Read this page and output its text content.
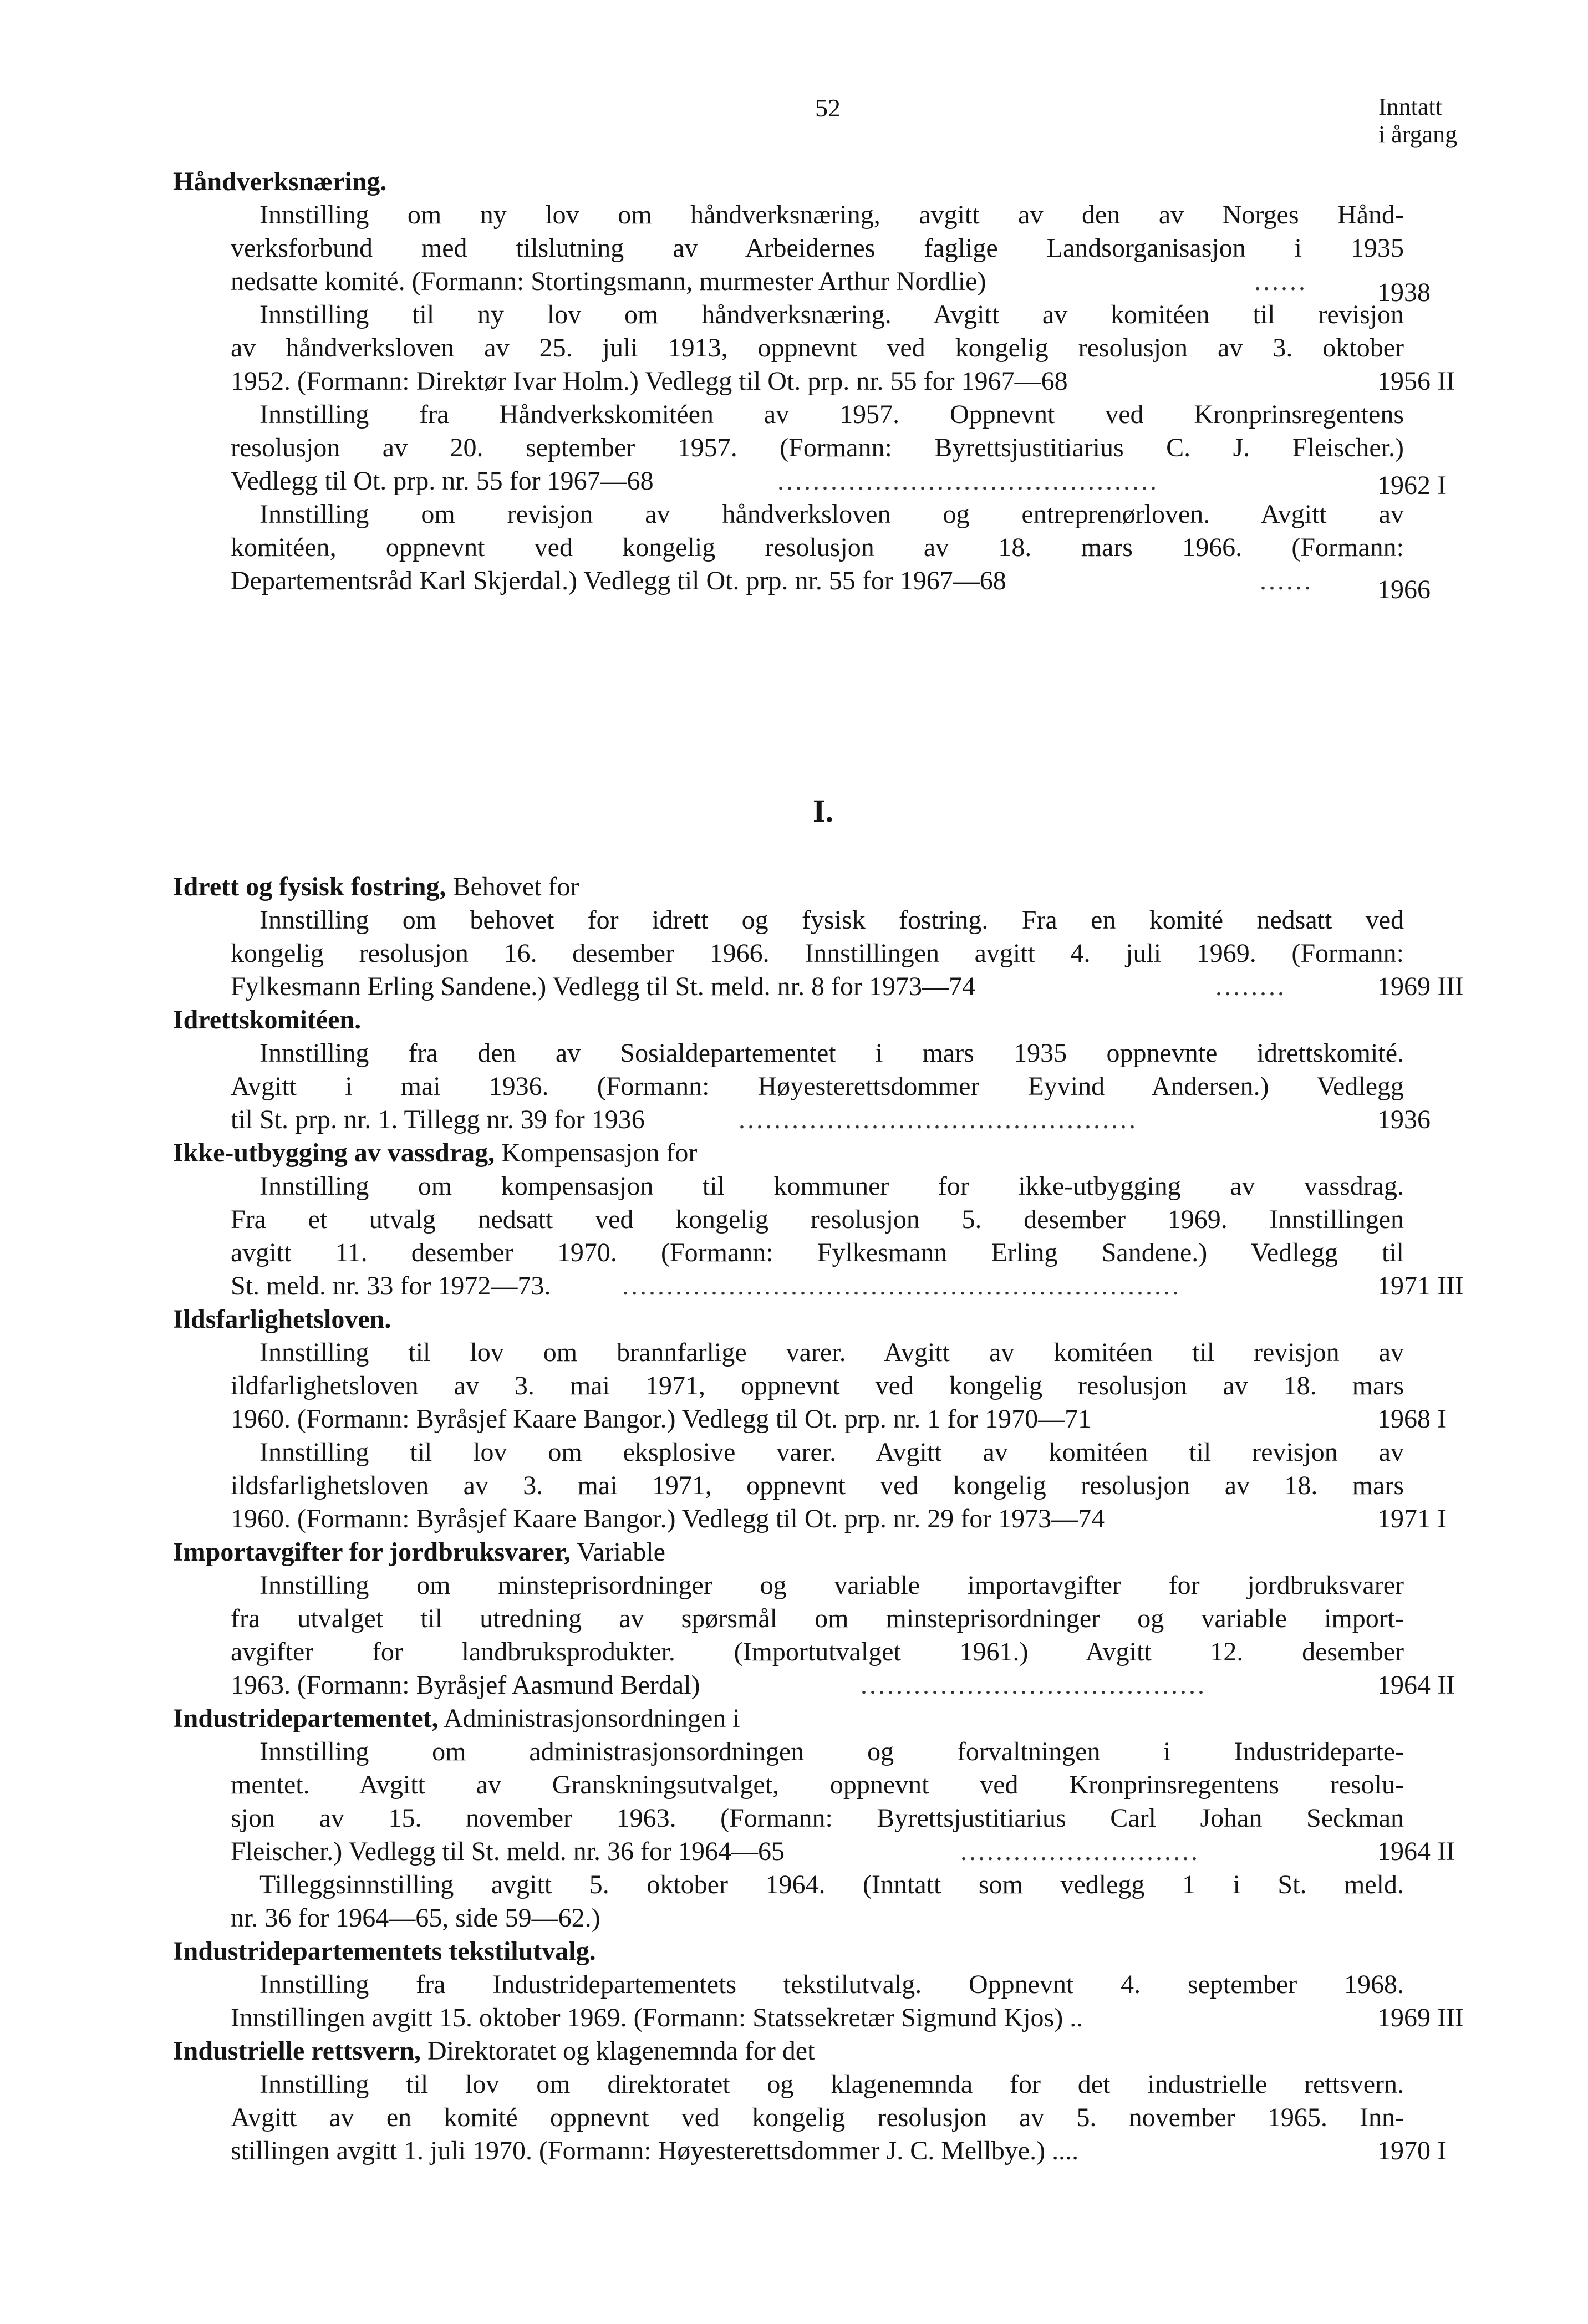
52	Inntatt
i årgang
Håndverksnæring.
Innstilling om ny lov om håndverksnæring, avgitt av den av Norges Hånd-
verksforbund med tilslutning av Arbeidernes faglige Landsorganisasjon i 1935
nedsatte komité. (Formann: Stortingsmann, murmester Arthur Nordlie)	......	1938
Innstilling til ny lov om håndverksnæring. Avgitt av komitéen til revisjon
av håndverksloven av 25. juli 1913, oppnevnt ved kongelig resolusjon av 3. oktober
1952. (Formann: Direktør Ivar Holm.) Vedlegg til Ot. prp. nr. 55 for 1967—68	1956 II
Innstilling fra Håndverkskomitéen av 1957. Oppnevnt ved Kronprinsregentens
resolusjon av 20. september 1957. (Formann: Byrettsjustitiarius C. J. Fleischer.)
Vedlegg til Ot. prp. nr. 55 for 1967—68	...........................................	1962 I
Innstilling om revisjon av håndverksloven og entreprenørloven. Avgitt av
komitéen, oppnevnt ved kongelig resolusjon av 18. mars 1966. (Formann:
Departementsråd Karl Skjerdal.) Vedlegg til Ot. prp. nr. 55 for 1967—68	...... 1966
I.
Idrett og fysisk fostring, Behovet for
Innstilling om behovet for idrett og fysisk fostring. Fra en komité nedsatt ved
kongelig resolusjon 16. desember 1966. Innstillingen avgitt 4. juli 1969. (Formann:
Fylkesmann Erling Sandene.) Vedlegg til St. meld. nr. 8 for 1973—74	........	1969 III
Idrettskomitéen.
Innstilling fra den av Sosialdepartementet i mars 1935 oppnevnte idrettskomité.
Avgitt i mai 1936. (Formann: Høyesterettsdommer Eyvind Andersen.) Vedlegg
til St. prp. nr. 1. Tillegg nr. 39 for 1936	.............................................	1936
Ikke-utbygging av vassdrag, Kompensasjon for
Innstilling om kompensasjon til kommuner for ikke-utbygging av vassdrag.
Fra et utvalg nedsatt ved kongelig resolusjon 5. desember 1969. Innstillingen
avgitt 11. desember 1970. (Formann: Fylkesmann Erling Sandene.) Vedlegg til
St. meld. nr. 33 for 1972—73.	...............................................................	1971 III
Ildsfarlighetsloven.
Innstilling til lov om brannfarlige varer. Avgitt av komitéen til revisjon av
ildfarlighetsloven av 3. mai 1971, oppnevnt ved kongelig resolusjon av 18. mars
1960. (Formann: Byråsjef Kaare Bangor.) Vedlegg til Ot. prp. nr. 1 for 1970—71	1968 I
Innstilling til lov om eksplosive varer. Avgitt av komitéen til revisjon av
ildsfarlighetsloven av 3. mai 1971, oppnevnt ved kongelig resolusjon av 18. mars
1960. (Formann: Byråsjef Kaare Bangor.) Vedlegg til Ot. prp. nr. 29 for 1973—74	1971 I
Importavgifter for jordbruksvarer, Variable
Innstilling om minsteprisordninger og variable importavgifter for jordbruksvarer
fra utvalget til utredning av spørsmål om minsteprisordninger og variable import-
avgifter for landbruksprodukter. (Importutvalget 1961.) Avgitt 12. desember
1963. (Formann: Byråsjef Aasmund Berdal)	.......................................	1964 II
Industridepartementet, Administrasjonsordningen i
Innstilling om administrasjonsordningen og forvaltningen i Industrideparte-
mentet. Avgitt av Granskningsutvalget, oppnevnt ved Kronprinsregentens resolu-
sjon av 15. november 1963. (Formann: Byrettsjustitiarius Carl Johan Seckman
Fleischer.) Vedlegg til St. meld. nr. 36 for 1964—65	...........................	1964 II
Tilleggsinnstilling avgitt 5. oktober 1964. (Inntatt som vedlegg 1 i St. meld.
nr. 36 for 1964—65, side 59—62.)
Industridepartementets tekstilutvalg.
Innstilling fra Industridepartementets tekstilutvalg. Oppnevnt 4. september 1968.
Innstillingen avgitt 15. oktober 1969. (Formann: Statssekretær Sigmund Kjos) ..	1969 III
Industrielle rettsvern, Direktoratet og klagenemnda for det
Innstilling til lov om direktoratet og klagenemnda for det industrielle rettsvern.
Avgitt av en komité oppnevnt ved kongelig resolusjon av 5. november 1965. Inn-
stillingen avgitt 1. juli 1970. (Formann: Høyesterettsdommer J. C. Mellbye.) ....	1970 I
